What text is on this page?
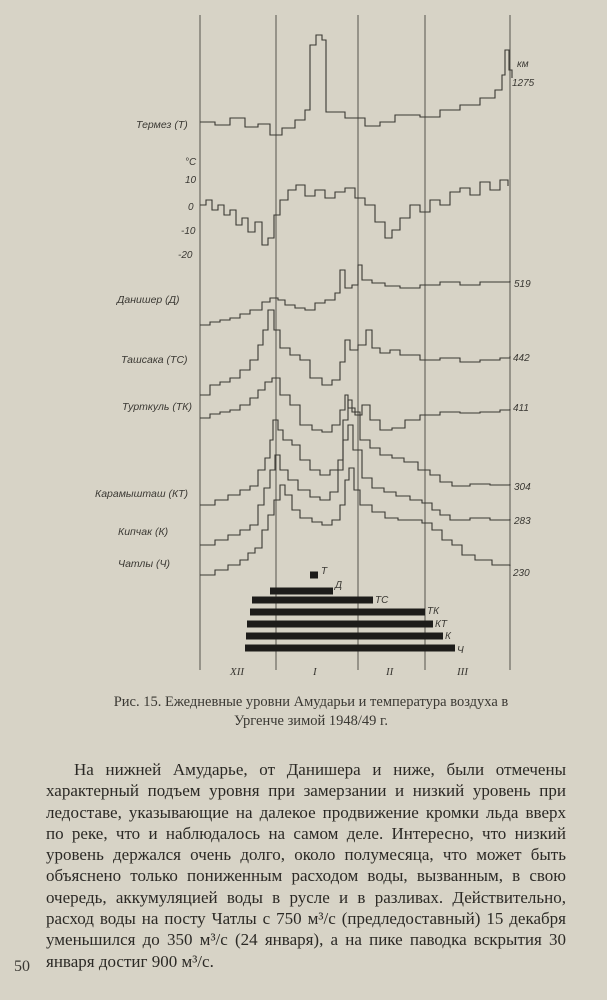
Т
Д
ТС
ТК
КТ
К
Ч
км
°С
10
0
-10
-20
Термез (Т)
Данишер (Д)
Ташсака (ТС)
Турткуль (ТК)
Карамышташ (КТ)
Кипчак (К)
Чатлы (Ч)
1275
519
442
411
304
283
230
XII	I	II	III
Рис. 15. Ежедневные уровни Амударьи и температура воздуха в Ургенче зимой 1948/49 г.
На нижней Амударье, от Данишера и ниже, были отмечены характерный подъем уровня при замерзании и низкий уровень при ледоставе, указывающие на далекое продвижение кромки льда вверх по реке, что и наблюдалось на самом деле. Интересно, что низкий уровень держался очень долго, около полумесяца, что может быть объяснено только пониженным расходом воды, вызванным, в свою очередь, аккумуляцией воды в русле и в разливах. Действительно, расход воды на посту Чатлы с 750 м³/с (предледоставный) 15 декабря уменьшился до 350 м³/с (24 января), а на пике паводка вскрытия 30 января достиг 900 м³/с.
50
